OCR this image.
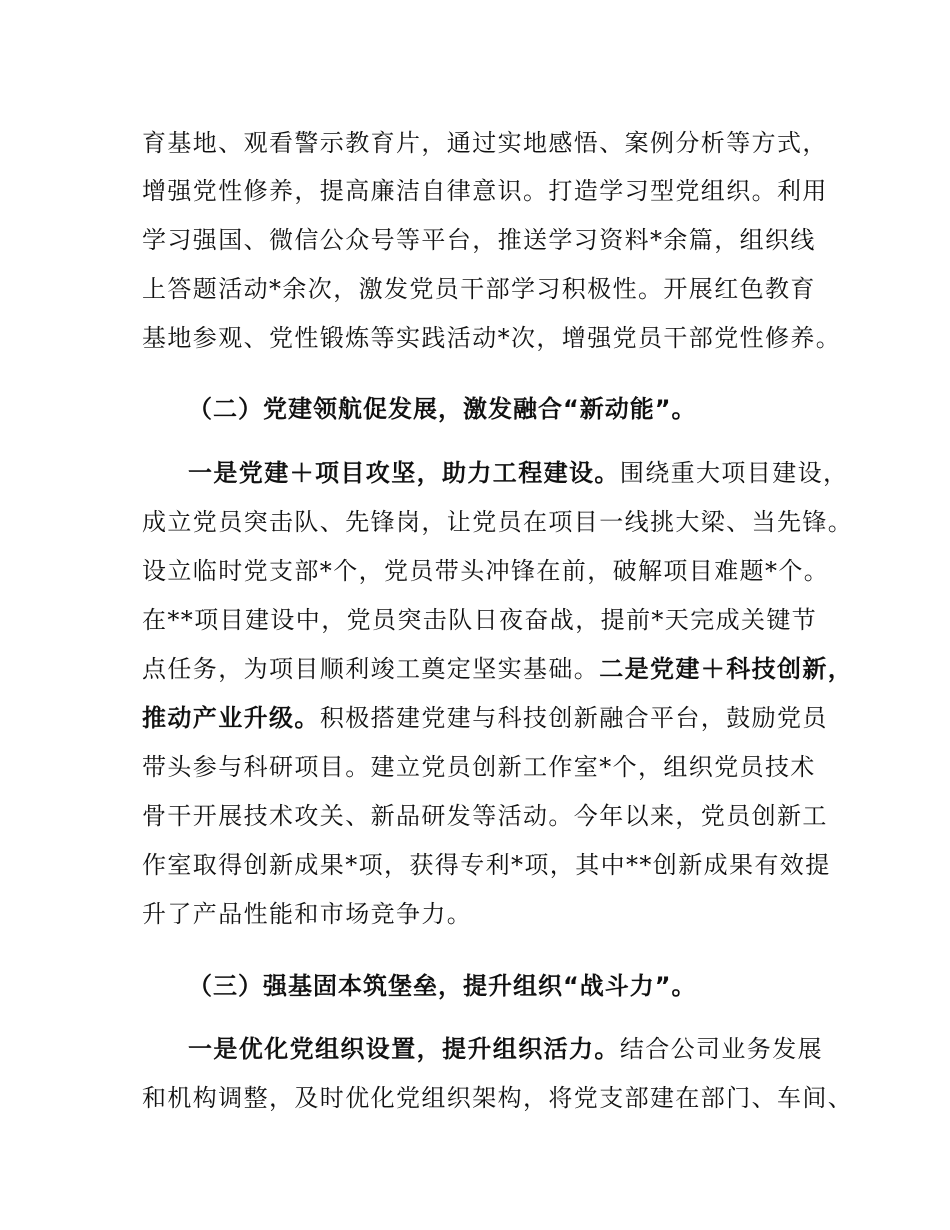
育基地、观看警示教育片，通过实地感悟、案例分析等方式，
增强党性修养，提高廉洁自律意识。打造学习型党组织。利用
学习强国、微信公众号等平台，推送学习资料*余篇，组织线
上答题活动*余次，激发党员干部学习积极性。开展红色教育
基地参观、党性锻炼等实践活动*次，增强党员干部党性修养。
（二）党建领航促发展，激发融合“新动能”。
一是党建＋项目攻坚，助力工程建设。围绕重大项目建设，
成立党员突击队、先锋岗，让党员在项目一线挑大梁、当先锋。
设立临时党支部*个，党员带头冲锋在前，破解项目难题*个。
在**项目建设中，党员突击队日夜奋战，提前*天完成关键节
点任务，为项目顺利竣工奠定坚实基础。二是党建＋科技创新，
推动产业升级。积极搭建党建与科技创新融合平台，鼓励党员
带头参与科研项目。建立党员创新工作室*个，组织党员技术
骨干开展技术攻关、新品研发等活动。今年以来，党员创新工
作室取得创新成果*项，获得专利*项，其中**创新成果有效提
升了产品性能和市场竞争力。
（三）强基固本筑堡垒，提升组织“战斗力”。
一是优化党组织设置，提升组织活力。结合公司业务发展
和机构调整，及时优化党组织架构，将党支部建在部门、车间、
